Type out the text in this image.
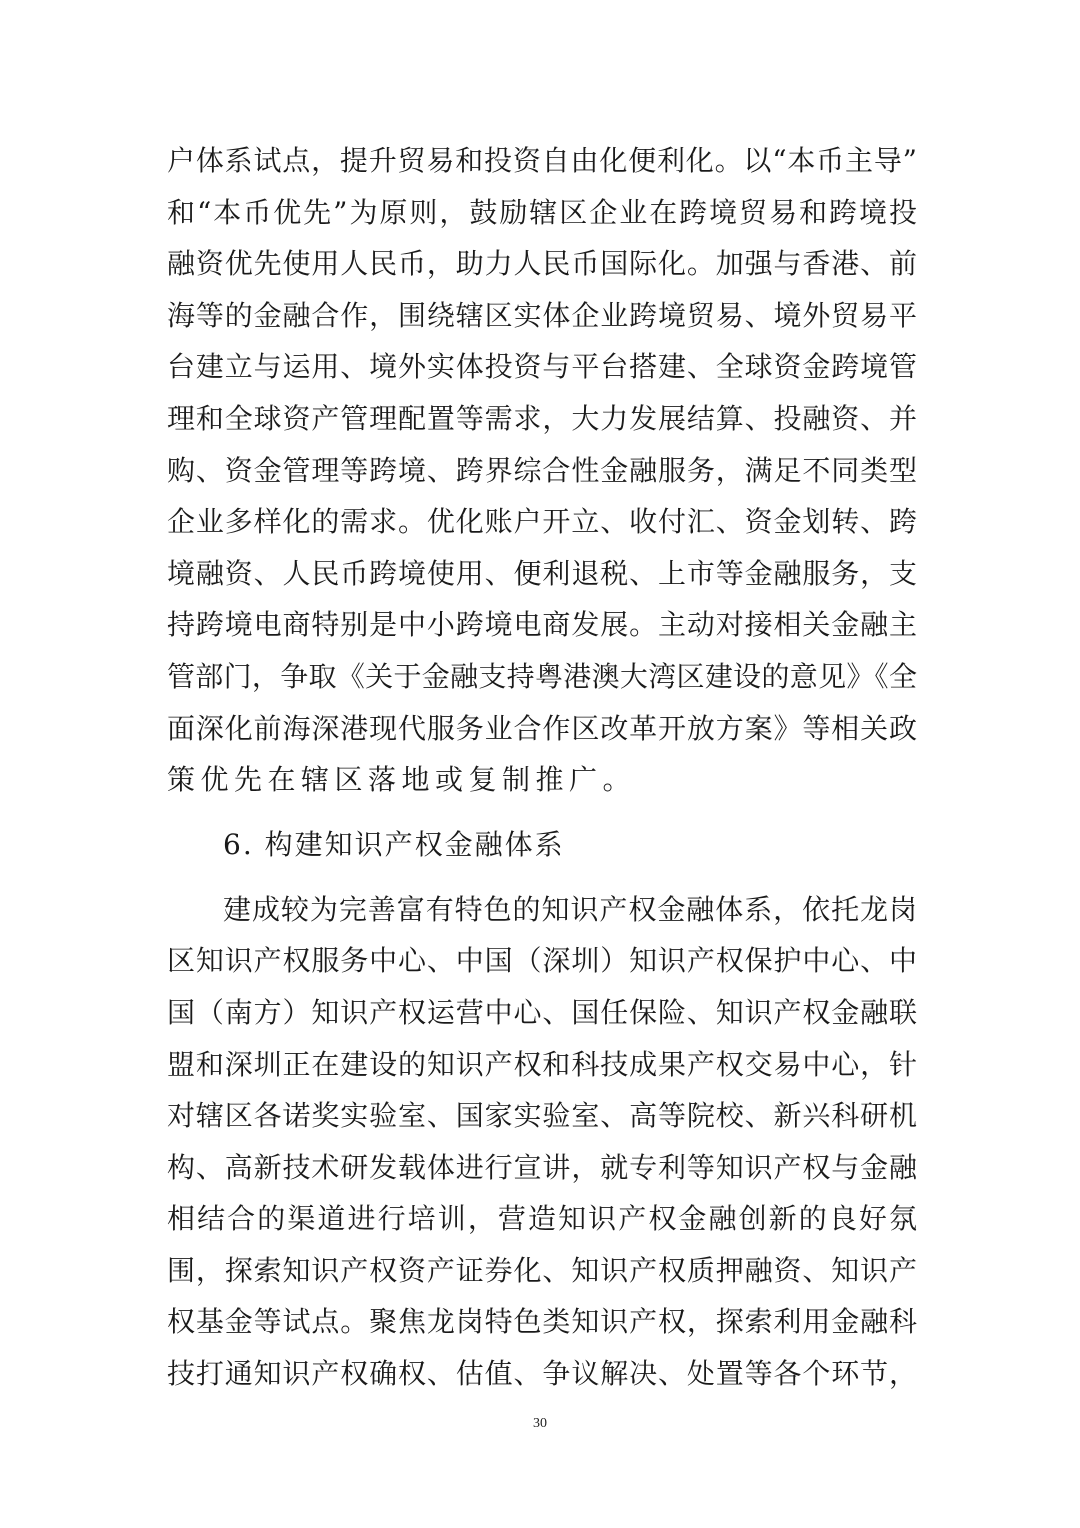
户体系试点，提升贸易和投资自由化便利化。以“本币主导”
和“本币优先”为原则，鼓励辖区企业在跨境贸易和跨境投
融资优先使用人民币，助力人民币国际化。加强与香港、前
海等的金融合作，围绕辖区实体企业跨境贸易、境外贸易平
台建立与运用、境外实体投资与平台搭建、全球资金跨境管
理和全球资产管理配置等需求，大力发展结算、投融资、并
购、资金管理等跨境、跨界综合性金融服务，满足不同类型
企业多样化的需求。优化账户开立、收付汇、资金划转、跨
境融资、人民币跨境使用、便利退税、上市等金融服务，支
持跨境电商特别是中小跨境电商发展。主动对接相关金融主
管部门，争取《关于金融支持粤港澳大湾区建设的意见》《全
面深化前海深港现代服务业合作区改革开放方案》等相关政
策优先在辖区落地或复制推广。
6. 构建知识产权金融体系
建成较为完善富有特色的知识产权金融体系，依托龙岗
区知识产权服务中心、中国（深圳）知识产权保护中心、中
国（南方）知识产权运营中心、国任保险、知识产权金融联
盟和深圳正在建设的知识产权和科技成果产权交易中心，针
对辖区各诺奖实验室、国家实验室、高等院校、新兴科研机
构、高新技术研发载体进行宣讲，就专利等知识产权与金融
相结合的渠道进行培训，营造知识产权金融创新的良好氛
围，探索知识产权资产证券化、知识产权质押融资、知识产
权基金等试点。聚焦龙岗特色类知识产权，探索利用金融科
技打通知识产权确权、估值、争议解决、处置等各个环节，
30
